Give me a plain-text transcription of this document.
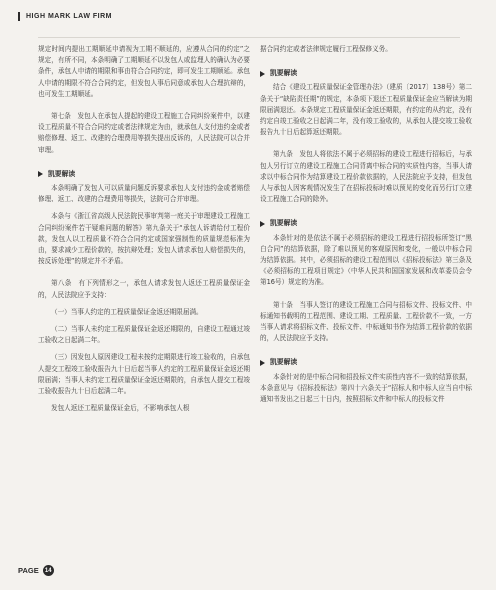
HIGH MARK LAW FIRM

规定时间内提出工期顺延申请视为工期不顺延的，应遵从合同的约定”之规定，有所不同，本条明确了工期顺延不以发包人或监理人的确认为必要条件，承包人申请的期限和事由符合合同约定，即可发生工期顺延。承包人申请的期限不符合合同约定，但发包人事后同意或承包人合理抗辩的，也可发生工期顺延。

第七条　发包人在承包人提起的建设工程施工合同纠纷案件中，以建设工程质量不符合合同约定或者法律规定为由，就承包人支付违约金或者赔偿修理、返工、改建的合理费用等损失提出反诉的，人民法院可以合并审理。

凯要解读

本条明确了发包人可以质量问题反诉要求承包人支付违约金或者赔偿修理、返工、改建的合理费用等损失，法院可合并审理。

本条与《浙江省高级人民法院民事审判第一庭关于审理建设工程施工合同纠纷案件若干疑难问题的解答》第九条关于“承包人诉请给付工程价款，发包人以工程质量不符合合同约定或国家强制性的质量规范标准为由，要求减少工程价款的，按抗辩处理；发包人请求承包人赔偿损失的，按反诉处理”的规定并不矛盾。

第八条　有下列情形之一，承包人请求发包人返还工程质量保证金的，人民法院应予支持：

（一）当事人约定的工程质量保证金返还期限届满。

（二）当事人未约定工程质量保证金返还期限的，自建设工程通过竣工验收之日起满二年。

（三）因发包人原因建设工程未按约定期限进行竣工验收的，自承包人提交工程竣工验收报告九十日后起当事人约定的工程质量保证金返还期限届满；当事人未约定工程质量保证金返还期限的，自承包人提交工程竣工验收报告九十日后起满二年。

发包人返还工程质量保证金后，不影响承包人根

据合同约定或者法律规定履行工程保修义务。

凯要解读

结合《建设工程质量保证金管理办法》（建质〔2017〕138号）第二条关于“缺陷责任期”的规定，本条项下退还工程质量保证金应当解读为期限届满退还。本条规定工程质量保证金返还期限，有约定的从约定，没有约定自竣工验收之日起满二年，没有竣工验收的，从承包人提交竣工验收报告九十日后起算返还期限。

第九条　发包人将依法不属于必须招标的建设工程进行招标后，与承包人另行订立的建设工程施工合同背离中标合同的实质性内容，当事人请求以中标合同作为结算建设工程价款依据的，人民法院应予支持，但发包人与承包人因客观情况发生了在招标投标时难以预见的变化而另行订立建设工程施工合同的除外。

凯要解读

本条针对的是依法不属于必须招标的建设工程进行招投标所签订“黑白合同”的结算依据，除了难以预见的客观原因和变化，一般以中标合同为结算依据。其中，必须招标的建设工程范围以《招标投标法》第三条及《必须招标的工程项目规定》（中华人民共和国国家发展和改革委员会令第16号）规定的为准。

第十条　当事人签订的建设工程施工合同与招标文件、投标文件、中标通知书载明的工程范围、建设工期、工程质量、工程价款不一致，一方当事人请求将招标文件、投标文件、中标通知书作为结算工程价款的依据的，人民法院应予支持。

凯要解读

本条针对的是中标合同和招投标文件实质性内容不一致的结算依据，本条意见与《招标投标法》第四十六条关于“招标人和中标人应当自中标通知书发出之日起三十日内，按照招标文件和中标人的投标文件

PAGE	14
